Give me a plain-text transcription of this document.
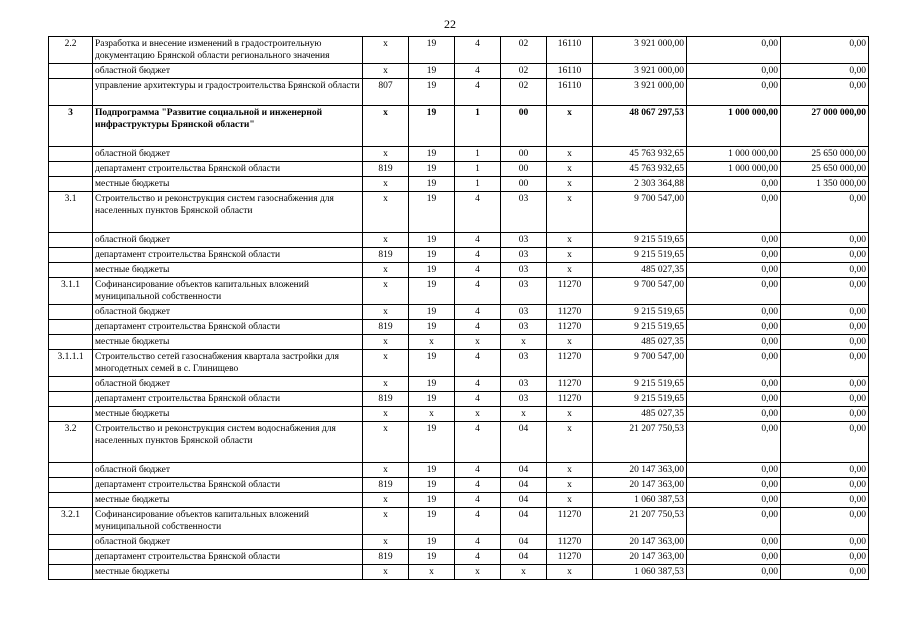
22
2.2	Разработка и внесение изменений в градостроительную документацию Брянской области регионального значения	х	19	4	02	16110	3 921 000,00	0,00	0,00
	областной бюджет	х	19	4	02	16110	3 921 000,00	0,00	0,00
	управление архитектуры и градостроительства Брянской области	807	19	4	02	16110	3 921 000,00	0,00	0,00
3	Подпрограмма "Развитие социальной и инженерной инфраструктуры Брянской области"	х	19	1	00	х	48 067 297,53	1 000 000,00	27 000 000,00
	областной бюджет	х	19	1	00	х	45 763 932,65	1 000 000,00	25 650 000,00
	департамент строительства Брянской области	819	19	1	00	х	45 763 932,65	1 000 000,00	25 650 000,00
	местные бюджеты	х	19	1	00	х	2 303 364,88	0,00	1 350 000,00
3.1	Строительство и реконструкция систем газоснабжения для населенных пунктов Брянской области	х	19	4	03	х	9 700 547,00	0,00	0,00
	областной бюджет	х	19	4	03	х	9 215 519,65	0,00	0,00
	департамент строительства Брянской области	819	19	4	03	х	9 215 519,65	0,00	0,00
	местные бюджеты	х	19	4	03	х	485 027,35	0,00	0,00
3.1.1	Софинансирование объектов капитальных вложений муниципальной собственности	х	19	4	03	11270	9 700 547,00	0,00	0,00
	областной бюджет	х	19	4	03	11270	9 215 519,65	0,00	0,00
	департамент строительства Брянской области	819	19	4	03	11270	9 215 519,65	0,00	0,00
	местные бюджеты	х	х	х	х	х	485 027,35	0,00	0,00
3.1.1.1	Строительство сетей газоснабжения квартала застройки для многодетных семей в с. Глинищево	х	19	4	03	11270	9 700 547,00	0,00	0,00
	областной бюджет	х	19	4	03	11270	9 215 519,65	0,00	0,00
	департамент строительства Брянской области	819	19	4	03	11270	9 215 519,65	0,00	0,00
	местные бюджеты	х	х	х	х	х	485 027,35	0,00	0,00
3.2	Строительство и реконструкция систем водоснабжения для населенных пунктов Брянской области	х	19	4	04	х	21 207 750,53	0,00	0,00
	областной бюджет	х	19	4	04	х	20 147 363,00	0,00	0,00
	департамент строительства Брянской области	819	19	4	04	х	20 147 363,00	0,00	0,00
	местные бюджеты	х	19	4	04	х	1 060 387,53	0,00	0,00
3.2.1	Софинансирование объектов капитальных вложений муниципальной собственности	х	19	4	04	11270	21 207 750,53	0,00	0,00
	областной бюджет	х	19	4	04	11270	20 147 363,00	0,00	0,00
	департамент строительства Брянской области	819	19	4	04	11270	20 147 363,00	0,00	0,00
	местные бюджеты	х	х	х	х	х	1 060 387,53	0,00	0,00
